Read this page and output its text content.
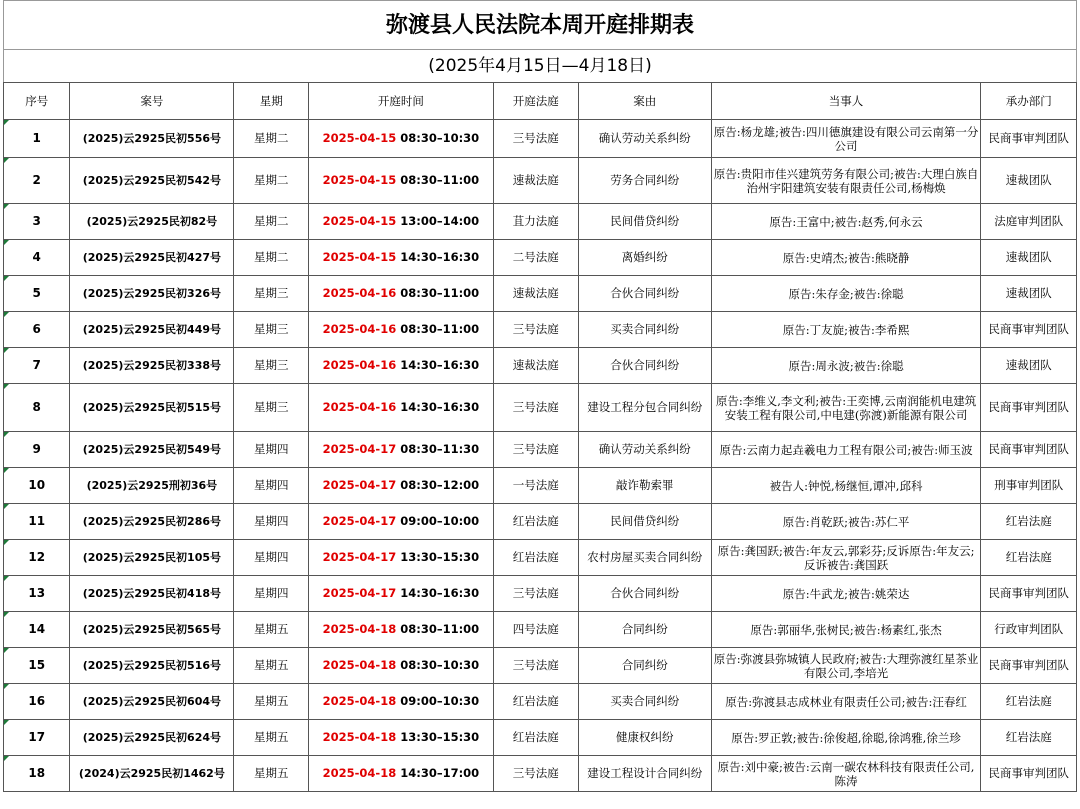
弥渡县人民法院本周开庭排期表
(2025年4月15日—4月18日)
序号	案号	星期	开庭时间	开庭法庭	案由	当事人	承办部门
1	(2025)云2925民初556号	星期二	2025-04-15 08:30–10:30	三号法庭	确认劳动关系纠纷	原告:杨龙雄;被告:四川德旗建设有限公司云南第一分公司	民商事审判团队
2	(2025)云2925民初542号	星期二	2025-04-15 08:30–11:00	速裁法庭	劳务合同纠纷	原告:贵阳市佳兴建筑劳务有限公司;被告:大理白族自治州宇阳建筑安装有限责任公司,杨梅焕	速裁团队
3	(2025)云2925民初82号	星期二	2025-04-15 13:00–14:00	苴力法庭	民间借贷纠纷	原告:王富中;被告:赵秀,何永云	法庭审判团队
4	(2025)云2925民初427号	星期二	2025-04-15 14:30–16:30	二号法庭	离婚纠纷	原告:史靖杰;被告:熊晓静	速裁团队
5	(2025)云2925民初326号	星期三	2025-04-16 08:30–11:00	速裁法庭	合伙合同纠纷	原告:朱存金;被告:徐聪	速裁团队
6	(2025)云2925民初449号	星期三	2025-04-16 08:30–11:00	三号法庭	买卖合同纠纷	原告:丁友旋;被告:李希熙	民商事审判团队
7	(2025)云2925民初338号	星期三	2025-04-16 14:30–16:30	速裁法庭	合伙合同纠纷	原告:周永波;被告:徐聪	速裁团队
8	(2025)云2925民初515号	星期三	2025-04-16 14:30–16:30	三号法庭	建设工程分包合同纠纷	原告:李维义,李文利;被告:王奕博,云南润能机电建筑安装工程有限公司,中电建(弥渡)新能源有限公司	民商事审判团队
9	(2025)云2925民初549号	星期四	2025-04-17 08:30–11:30	三号法庭	确认劳动关系纠纷	原告:云南力起垚羲电力工程有限公司;被告:师玉波	民商事审判团队
10	(2025)云2925刑初36号	星期四	2025-04-17 08:30–12:00	一号法庭	敲诈勒索罪	被告人:钟悦,杨继恒,谭冲,邱科	刑事审判团队
11	(2025)云2925民初286号	星期四	2025-04-17 09:00–10:00	红岩法庭	民间借贷纠纷	原告:肖乾跃;被告:苏仁平	红岩法庭
12	(2025)云2925民初105号	星期四	2025-04-17 13:30–15:30	红岩法庭	农村房屋买卖合同纠纷	原告:龚国跃;被告:年友云,郭彩芬;反诉原告:年友云;反诉被告:龚国跃	红岩法庭
13	(2025)云2925民初418号	星期四	2025-04-17 14:30–16:30	三号法庭	合伙合同纠纷	原告:牛武龙;被告:姚荣达	民商事审判团队
14	(2025)云2925民初565号	星期五	2025-04-18 08:30–11:00	四号法庭	合同纠纷	原告:郭丽华,张树民;被告:杨素红,张杰	行政审判团队
15	(2025)云2925民初516号	星期五	2025-04-18 08:30–10:30	三号法庭	合同纠纷	原告:弥渡县弥城镇人民政府;被告:大理弥渡红星茶业有限公司,李培光	民商事审判团队
16	(2025)云2925民初604号	星期五	2025-04-18 09:00–10:30	红岩法庭	买卖合同纠纷	原告:弥渡县志成林业有限责任公司;被告:汪春红	红岩法庭
17	(2025)云2925民初624号	星期五	2025-04-18 13:30–15:30	红岩法庭	健康权纠纷	原告:罗正敦;被告:徐俊超,徐聪,徐鸿雅,徐兰珍	红岩法庭
18	(2024)云2925民初1462号	星期五	2025-04-18 14:30–17:00	三号法庭	建设工程设计合同纠纷	原告:刘中豪;被告:云南一碳农林科技有限责任公司,陈涛	民商事审判团队
